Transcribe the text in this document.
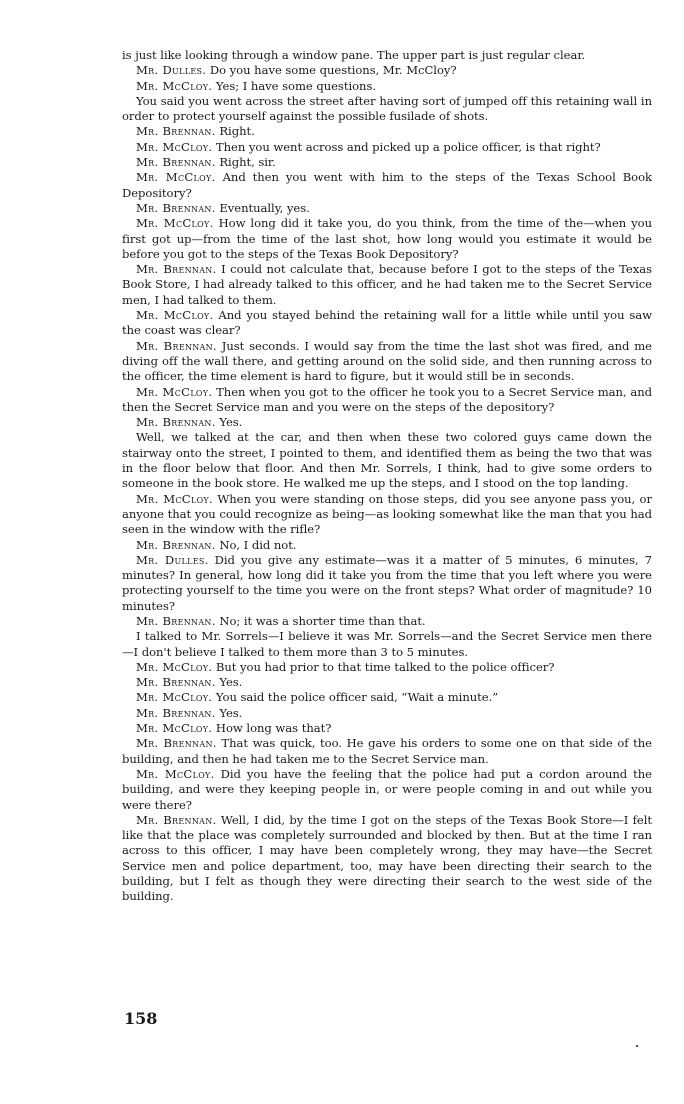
is just like looking through a window pane. The upper part is just regular clear.

Mr. Dulles. Do you have some questions, Mr. McCloy?

Mr. McCloy. Yes; I have some questions.

You said you went across the street after having sort of jumped off this retaining wall in order to protect yourself against the possible fusilade of shots.

Mr. Brennan. Right.

Mr. McCloy. Then you went across and picked up a police officer, is that right?

Mr. Brennan. Right, sir.

Mr. McCloy. And then you went with him to the steps of the Texas School Book Depository?

Mr. Brennan. Eventually, yes.

Mr. McCloy. How long did it take you, do you think, from the time of the—when you first got up—from the time of the last shot, how long would you estimate it would be before you got to the steps of the Texas Book Depository?

Mr. Brennan. I could not calculate that, because before I got to the steps of the Texas Book Store, I had already talked to this officer, and he had taken me to the Secret Service men, I had talked to them.

Mr. McCloy. And you stayed behind the retaining wall for a little while until you saw the coast was clear?

Mr. Brennan. Just seconds. I would say from the time the last shot was fired, and me diving off the wall there, and getting around on the solid side, and then running across to the officer, the time element is hard to figure, but it would still be in seconds.

Mr. McCloy. Then when you got to the officer he took you to a Secret Service man, and then the Secret Service man and you were on the steps of the depository?

Mr. Brennan. Yes.

Well, we talked at the car, and then when these two colored guys came down the stairway onto the street, I pointed to them, and identified them as being the two that was in the floor below that floor. And then Mr. Sorrels, I think, had to give some orders to someone in the book store. He walked me up the steps, and I stood on the top landing.

Mr. McCloy. When you were standing on those steps, did you see anyone pass you, or anyone that you could recognize as being—as looking somewhat like the man that you had seen in the window with the rifle?

Mr. Brennan. No, I did not.

Mr. Dulles. Did you give any estimate—was it a matter of 5 minutes, 6 minutes, 7 minutes? In general, how long did it take you from the time that you left where you were protecting yourself to the time you were on the front steps? What order of magnitude? 10 minutes?

Mr. Brennan. No; it was a shorter time than that.

I talked to Mr. Sorrels—I believe it was Mr. Sorrels—and the Secret Service men there—I don't believe I talked to them more than 3 to 5 minutes.

Mr. McCloy. But you had prior to that time talked to the police officer?

Mr. Brennan. Yes.

Mr. McCloy. You said the police officer said, “Wait a minute.”

Mr. Brennan. Yes.

Mr. McCloy. How long was that?

Mr. Brennan. That was quick, too. He gave his orders to some one on that side of the building, and then he had taken me to the Secret Service man.

Mr. McCloy. Did you have the feeling that the police had put a cordon around the building, and were they keeping people in, or were people coming in and out while you were there?

Mr. Brennan. Well, I did, by the time I got on the steps of the Texas Book Store—I felt like that the place was completely surrounded and blocked by then. But at the time I ran across to this officer, I may have been completely wrong, they may have—the Secret Service men and police department, too, may have been directing their search to the building, but I felt as though they were directing their search to the west side of the building.

158
